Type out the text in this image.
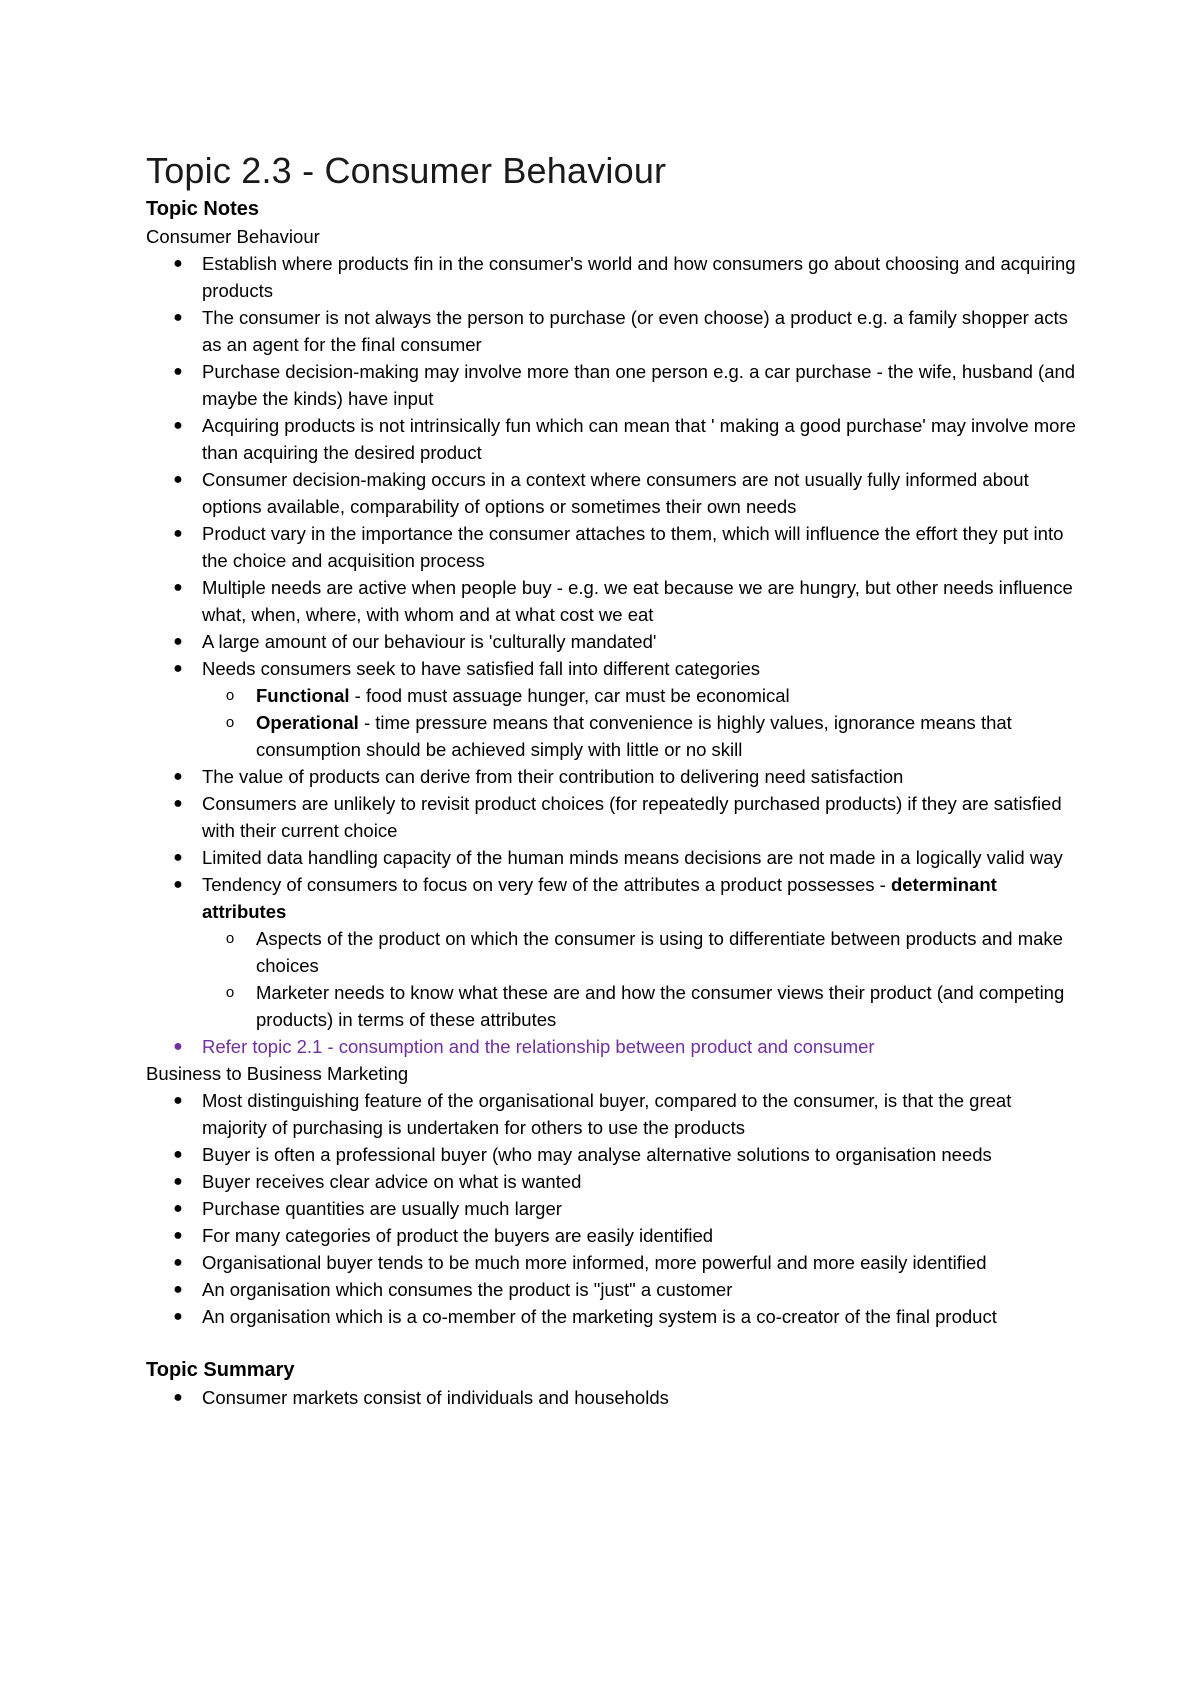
Topic 2.3 - Consumer Behaviour

Topic Notes

Consumer Behaviour

● Establish where products fin in the consumer's world and how consumers go about choosing and acquiring products
● The consumer is not always the person to purchase (or even choose) a product e.g. a family shopper acts as an agent for the final consumer
● Purchase decision-making may involve more than one person e.g. a car purchase - the wife, husband (and maybe the kinds) have input
● Acquiring products is not intrinsically fun which can mean that ' making a good purchase' may involve more than acquiring the desired product
● Consumer decision-making occurs in a context where consumers are not usually fully informed about options available, comparability of options or sometimes their own needs
● Product vary in the importance the consumer attaches to them, which will influence the effort they put into the choice and acquisition process
● Multiple needs are active when people buy - e.g. we eat because we are hungry, but other needs influence what, when, where, with whom and at what cost we eat
● A large amount of our behaviour is 'culturally mandated'
● Needs consumers seek to have satisfied fall into different categories
o	Functional - food must assuage hunger, car must be economical
o	Operational - time pressure means that convenience is highly values, ignorance means that consumption should be achieved simply with little or no skill
● The value of products can derive from their contribution to delivering need satisfaction
● Consumers are unlikely to revisit product choices (for repeatedly purchased products) if they are satisfied with their current choice
● Limited data handling capacity of the human minds means decisions are not made in a logically valid way
● Tendency of consumers to focus on very few of the attributes a product possesses - determinant attributes
o	Aspects of the product on which the consumer is using to differentiate between products and make choices
o	Marketer needs to know what these are and how the consumer views their product (and competing products) in terms of these attributes
● Refer topic 2.1 - consumption and the relationship between product and consumer

Business to Business Marketing

● Most distinguishing feature of the organisational buyer, compared to the consumer, is that the great majority of purchasing is undertaken for others to use the products
● Buyer is often a professional buyer (who may analyse alternative solutions to organisation needs
● Buyer receives clear advice on what is wanted
● Purchase quantities are usually much larger
● For many categories of product the buyers are easily identified
● Organisational buyer tends to be much more informed, more powerful and more easily identified
● An organisation which consumes the product is "just" a customer
● An organisation which is a co-member of the marketing system is a co-creator of the final product

Topic Summary

● Consumer markets consist of individuals and households
